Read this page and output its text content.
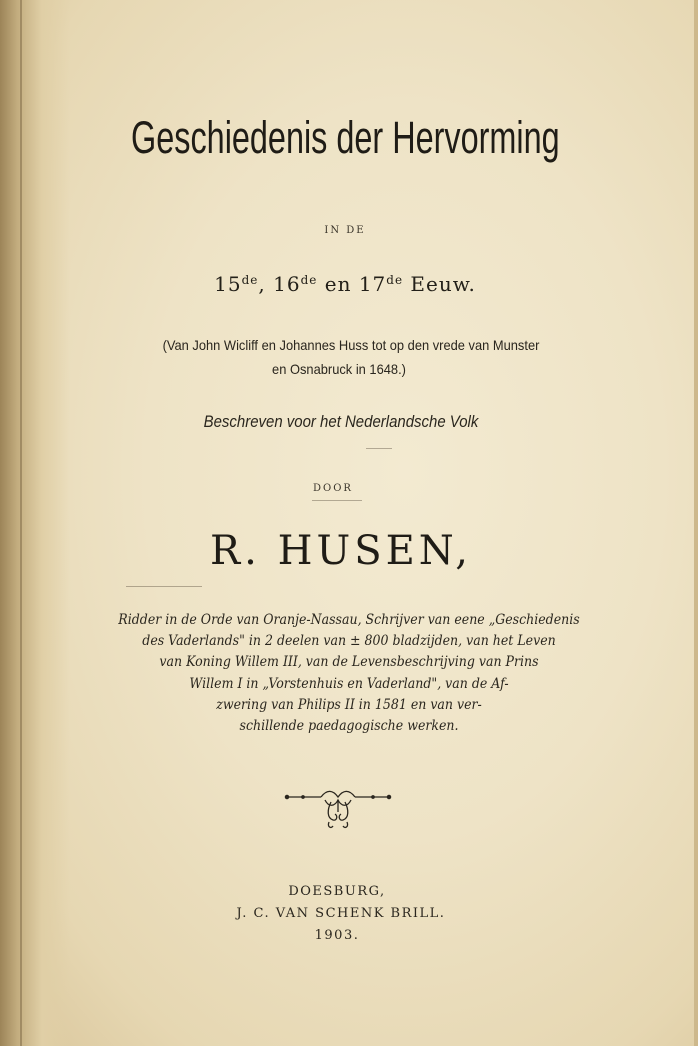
Geschiedenis der Hervorming
IN DE
15de, 16de en 17de Eeuw.
(Van John Wicliff en Johannes Huss tot op den vrede van Munster
en Osnabruck in 1648.)
Beschreven voor het Nederlandsche Volk
DOOR
R. HUSEN,
Ridder in de Orde van Oranje-Nassau, Schrijver van eene „Geschiedenis
des Vaderlands" in 2 deelen van ± 800 bladzijden, van het Leven
van Koning Willem III, van de Levensbeschrijving van Prins
Willem I in „Vorstenhuis en Vaderland", van de Af-
zwering van Philips II in 1581 en van ver-
schillende paedagogische werken.
DOESBURG,
J. C. VAN SCHENK BRILL.
1903.
